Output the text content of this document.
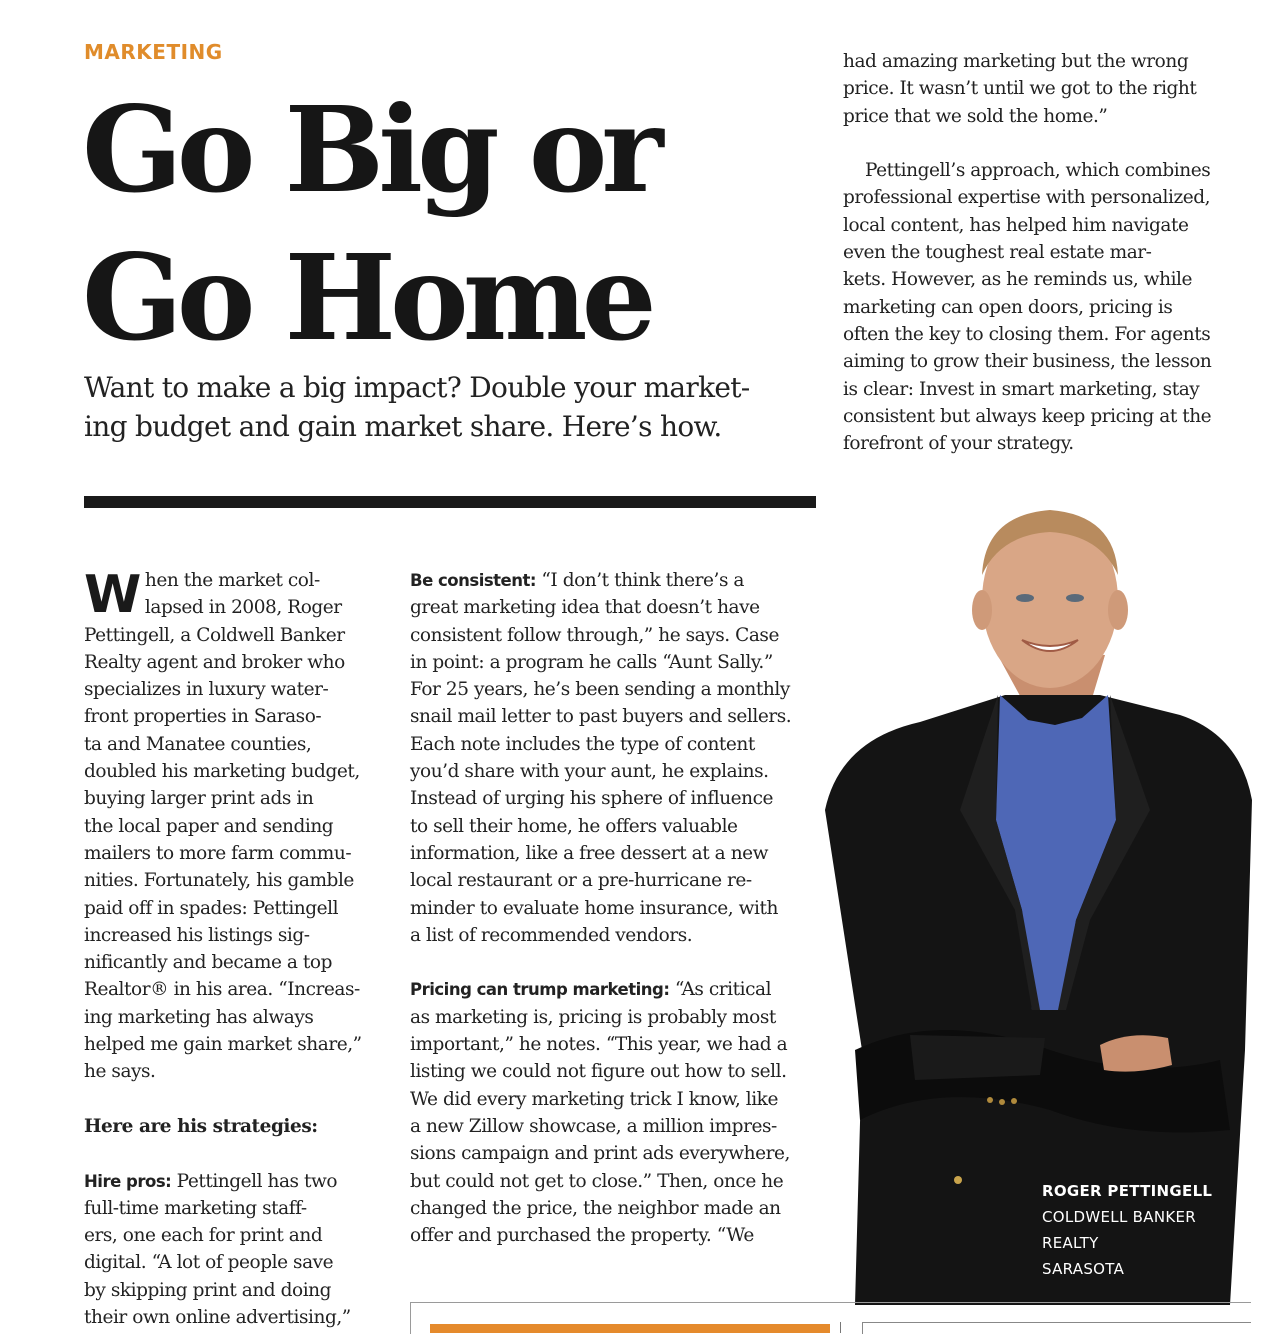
MARKETING
Go Big or
Go Home
Want to make a big impact? Double your market-
ing budget and gain market share. Here’s how.
W hen the market col-
lapsed in 2008, Roger
Pettingell, a Coldwell Banker
Realty agent and broker who
specializes in luxury water-
front properties in Saraso-
ta and Manatee counties,
doubled his marketing budget,
buying larger print ads in
the local paper and sending
mailers to more farm commu-
nities. Fortunately, his gamble
paid off in spades: Pettingell
increased his listings sig-
nificantly and became a top
Realtor® in his area. “Increas-
ing marketing has always
helped me gain market share,”
he says.
Here are his strategies:
Hire pros: Pettingell has two
full-time marketing staff-
ers, one each for print and
digital. “A lot of people save
by skipping print and doing
their own online advertising,”
Be consistent: “I don’t think there’s a
great marketing idea that doesn’t have
consistent follow through,” he says. Case
in point: a program he calls “Aunt Sally.”
For 25 years, he’s been sending a monthly
snail mail letter to past buyers and sellers.
Each note includes the type of content
you’d share with your aunt, he explains.
Instead of urging his sphere of influence
to sell their home, he offers valuable
information, like a free dessert at a new
local restaurant or a pre-hurricane re-
minder to evaluate home insurance, with
a list of recommended vendors.
Pricing can trump marketing: “As critical
as marketing is, pricing is probably most
important,” he notes. “This year, we had a
listing we could not figure out how to sell.
We did every marketing trick I know, like
a new Zillow showcase, a million impres-
sions campaign and print ads everywhere,
but could not get to close.” Then, once he
changed the price, the neighbor made an
offer and purchased the property. “We
had amazing marketing but the wrong
price. It wasn’t until we got to the right
price that we sold the home.”
Pettingell’s approach, which combines
professional expertise with personalized,
local content, has helped him navigate
even the toughest real estate mar-
kets. However, as he reminds us, while
marketing can open doors, pricing is
often the key to closing them. For agents
aiming to grow their business, the lesson
is clear: Invest in smart marketing, stay
consistent but always keep pricing at the
forefront of your strategy.
ROGER PETTINGELL
COLDWELL BANKER
REALTY
SARASOTA
